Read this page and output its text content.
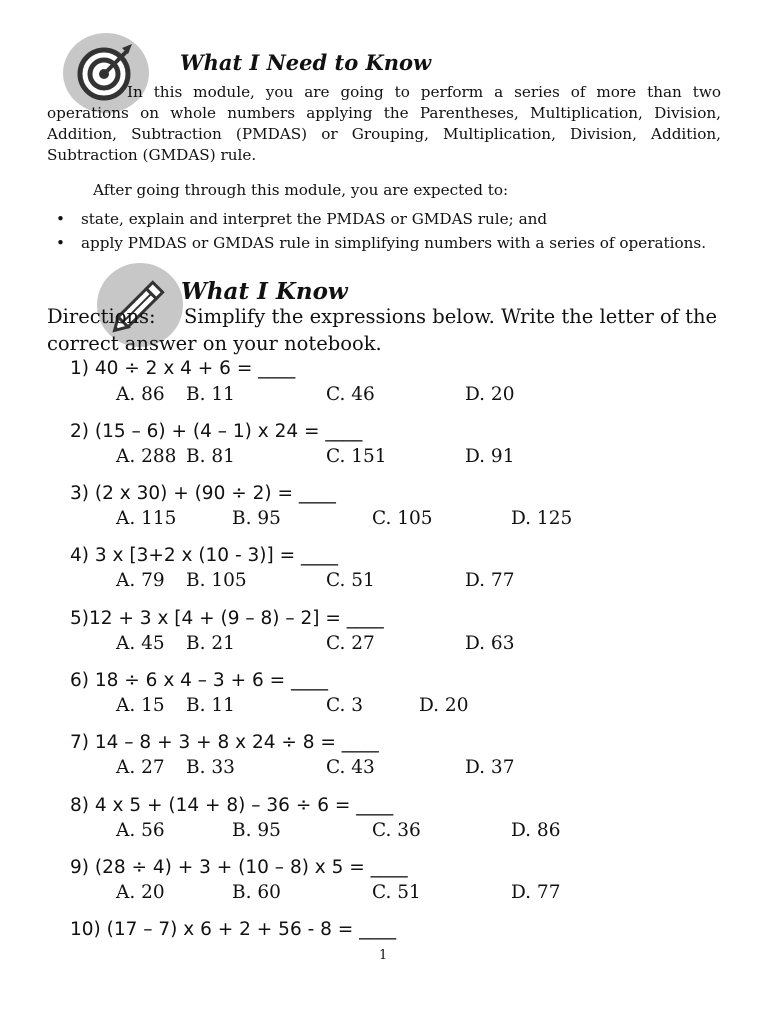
What I Need to Know
In this module, you are going to perform a series of more than two operations on whole numbers applying the Parentheses, Multiplication, Division, Addition, Subtraction (PMDAS) or Grouping, Multiplication, Division, Addition, Subtraction (GMDAS) rule.
After going through this module, you are expected to:
•	state, explain and interpret the PMDAS or GMDAS rule; and
•	apply PMDAS or GMDAS rule in simplifying numbers with a series of operations.
What I Know
Directions: Simplify the expressions below. Write the letter of the correct answer on your notebook.
1) 40 ÷ 2 x 4 + 6 = ____
A. 86 B. 11	C. 46	D. 20
2) (15 – 6) + (4 – 1) x 24 = ____
A. 288 B. 81	C. 151	D. 91
3) (2 x 30) + (90 ÷ 2) = ____
A. 115	B. 95	C. 105	D. 125
4) 3 x [3+2 x (10 - 3)] = ____
A. 79 B. 105	C. 51	D. 77
5)12 + 3 x [4 + (9 – 8) – 2] = ____
A. 45 B. 21	C. 27	D. 63
6) 18 ÷ 6 x 4 – 3 + 6 = ____
A. 15 B. 11	C. 3	D. 20
7) 14 – 8 + 3 + 8 x 24 ÷ 8 = ____
A. 27 B. 33	C. 43	D. 37
8) 4 x 5 + (14 + 8) – 36 ÷ 6 = ____
A. 56	B. 95	C. 36	D. 86
9) (28 ÷ 4) + 3 + (10 – 8) x 5 = ____
A. 20	B. 60	C. 51	D. 77
10) (17 – 7) x 6 + 2 + 56 - 8 = ____
1
